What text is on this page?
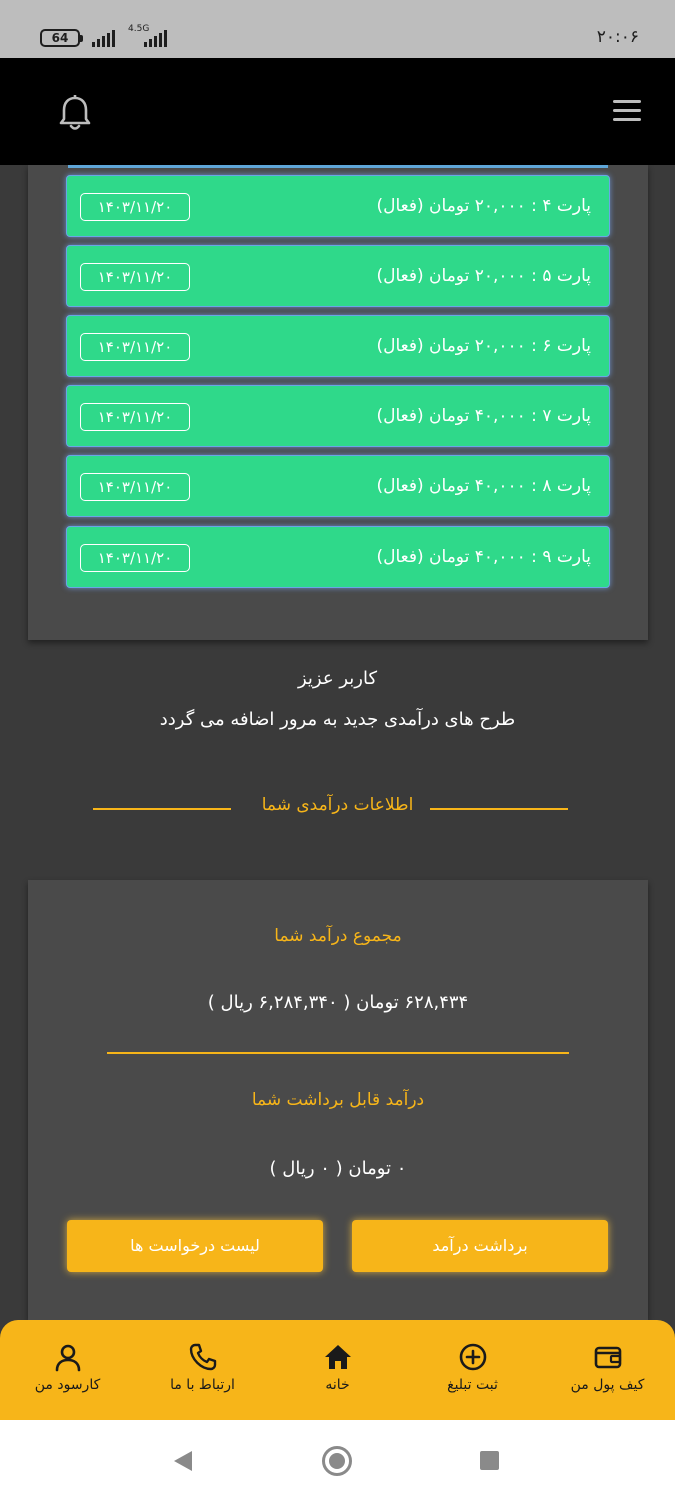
64
4.5G	۲۰:۰۶
پارت ۴ : ۲۰,۰۰۰ تومان (فعال)
۱۴۰۳/۱۱/۲۰
پارت ۵ : ۲۰,۰۰۰ تومان (فعال)
۱۴۰۳/۱۱/۲۰
پارت ۶ : ۲۰,۰۰۰ تومان (فعال)
۱۴۰۳/۱۱/۲۰
پارت ۷ : ۴۰,۰۰۰ تومان (فعال)
۱۴۰۳/۱۱/۲۰
پارت ۸ : ۴۰,۰۰۰ تومان (فعال)
۱۴۰۳/۱۱/۲۰
پارت ۹ : ۴۰,۰۰۰ تومان (فعال)
۱۴۰۳/۱۱/۲۰
کاربر عزیز
طرح های درآمدی جدید به مرور اضافه می گردد
اطلاعات درآمدی شما
مجموع درآمد شما
۶۲۸,۴۳۴ تومان ( ۶,۲۸۴,۳۴۰ ریال )
درآمد قابل برداشت شما
۰ تومان ( ۰ ریال )
برداشت درآمد
لیست درخواست ها
کیف پول من
ثبت تبلیغ
خانه
ارتباط با ما
کارسود من
